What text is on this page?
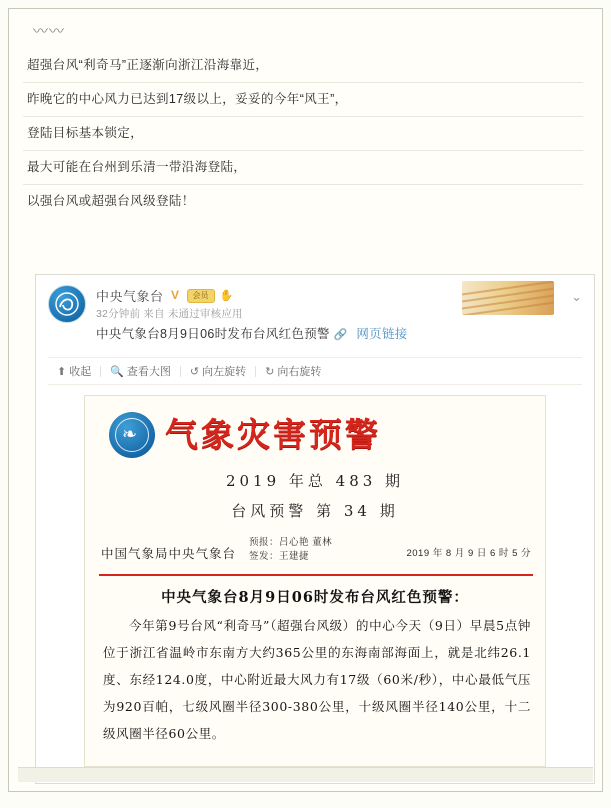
〰〰
超强台风“利奇马”正逐渐向浙江沿海靠近，
昨晚它的中心风力已达到17级以上，妥妥的今年“风王”，
登陆目标基本锁定，
最大可能在台州到乐清一带沿海登陆，
以强台风或超强台风级登陆！
中央气象台 V	会员	✋
32分钟前 来自 未通过审核应用
中央气象台8月9日06时发布台风红色预警 🔗 网页链接
⌄
⬆ 收起 🔍 查看大图 ↺ 向左旋转 ↻ 向右旋转
❧ 气象灾害预警
2019 年总 483 期
台风预警 第 34 期
中国气象局中央气象台
预报：吕心艳 董林
签发：王建捷	2019 年 8 月 9 日 6 时 5 分
中央气象台8月9日06时发布台风红色预警：
今年第9号台风“利奇马”（超强台风级）的中心今天（9日）早晨5点钟位于浙江省温岭市东南方大约365公里的东海南部海面上，就是北纬26.1度、东经124.0度，中心附近最大风力有17级（60米/秒），中心最低气压为920百帕，七级风圈半径300-380公里，十级风圈半径140公里，十二级风圈半径60公里。
